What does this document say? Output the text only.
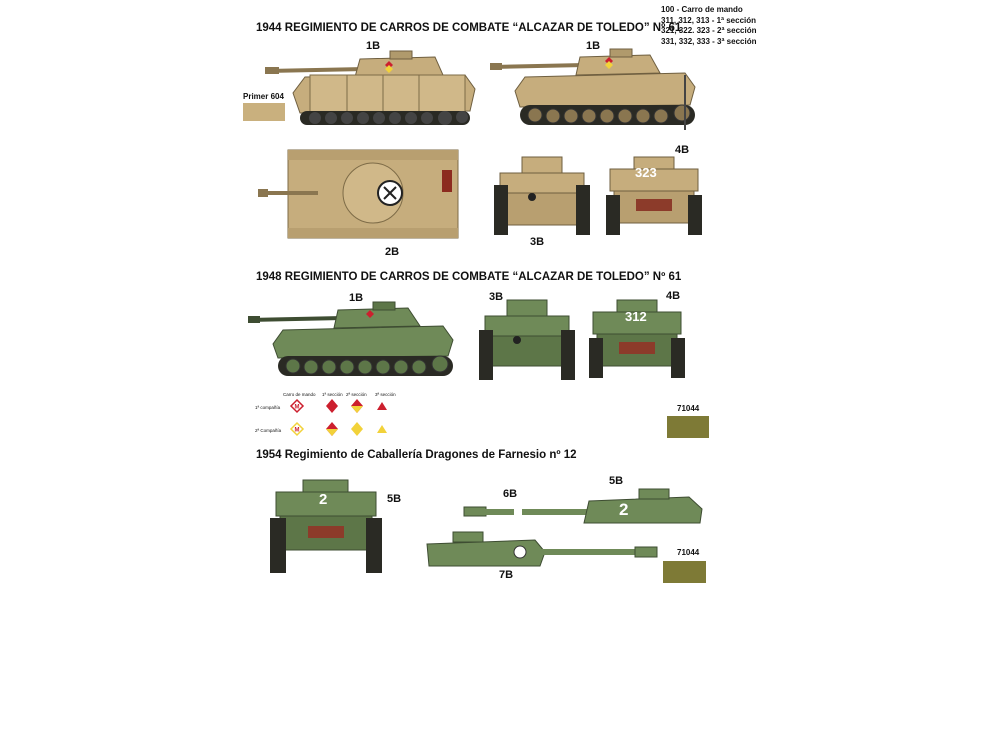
1944 REGIMIENTO DE CARROS DE COMBATE “ALCAZAR DE TOLEDO” Nº 61
100 - Carro de mando
311, 312, 313 - 1ª sección
321, 322. 323 - 2ª sección
331, 332, 333 - 3ª sección
Primer 604
1B	1B
2B
3B
323
4B
1948 REGIMIENTO DE CARROS DE COMBATE “ALCAZAR DE TOLEDO” Nº 61
1B	3B
312
4B
Carro de mando 1ª sección 2ª sección 3ª sección
1ª compañía
2ª Compañía
M
M
71044
1954 Regimiento de Caballería Dragones de Farnesio nº 12
2	5B
2
6B
5B
7B
71044
